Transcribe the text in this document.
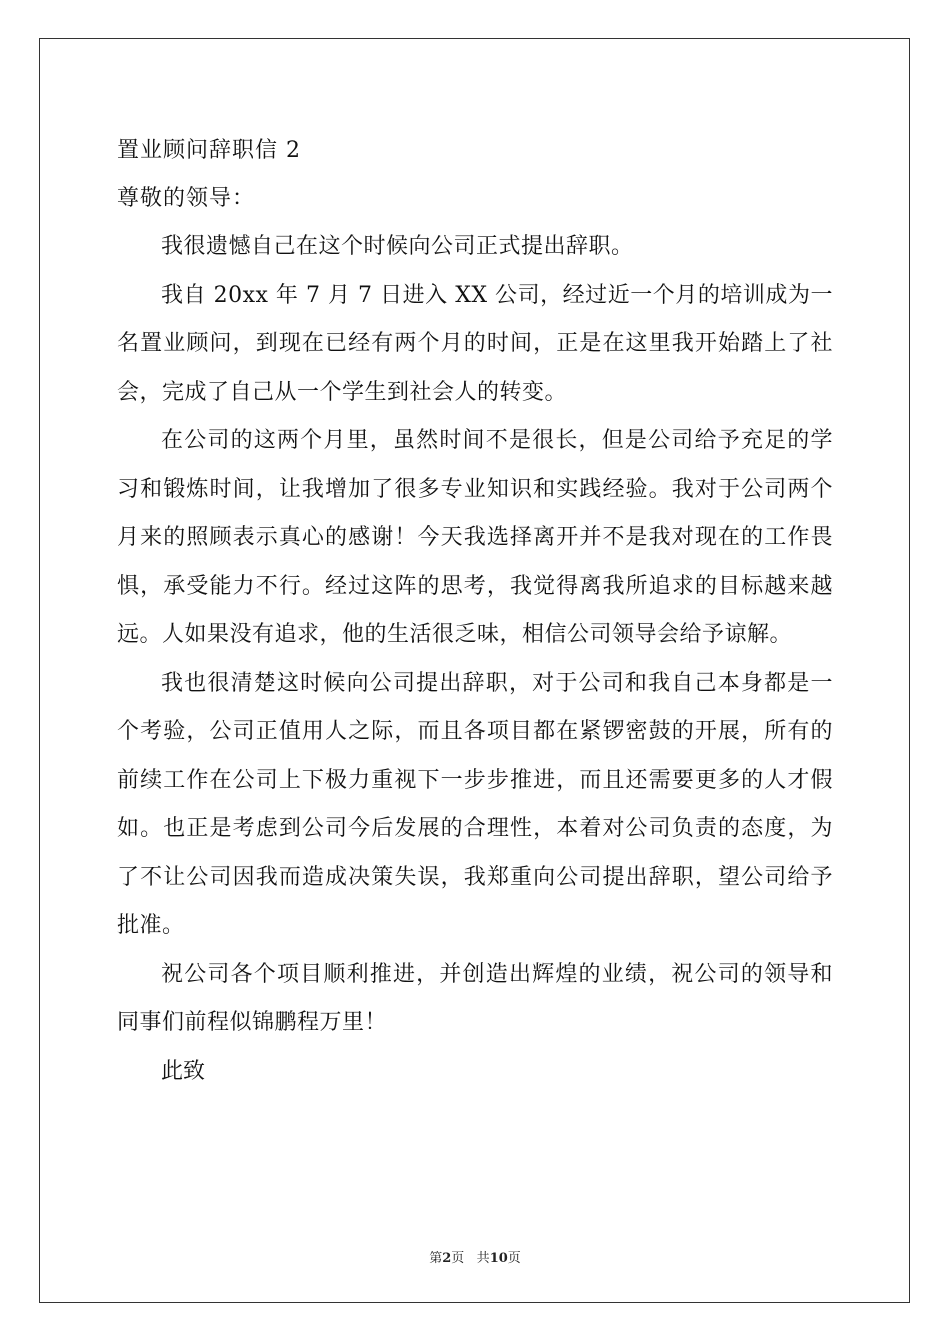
置业顾问辞职信 2

尊敬的领导：

我很遗憾自己在这个时候向公司正式提出辞职。

我自 20xx 年 7 月 7 日进入 XX 公司，经过近一个月的培训成为一名置业顾问，到现在已经有两个月的时间，正是在这里我开始踏上了社会，完成了自己从一个学生到社会人的转变。

在公司的这两个月里，虽然时间不是很长，但是公司给予充足的学习和锻炼时间，让我增加了很多专业知识和实践经验。我对于公司两个月来的照顾表示真心的感谢！今天我选择离开并不是我对现在的工作畏惧，承受能力不行。经过这阵的思考，我觉得离我所追求的目标越来越远。人如果没有追求，他的生活很乏味，相信公司领导会给予谅解。

我也很清楚这时候向公司提出辞职，对于公司和我自己本身都是一个考验，公司正值用人之际，而且各项目都在紧锣密鼓的开展，所有的前续工作在公司上下极力重视下一步步推进，而且还需要更多的人才假如。也正是考虑到公司今后发展的合理性，本着对公司负责的态度，为了不让公司因我而造成决策失误，我郑重向公司提出辞职，望公司给予批准。

祝公司各个项目顺利推进，并创造出辉煌的业绩，祝公司的领导和同事们前程似锦鹏程万里！

此致

第2页 共10页
